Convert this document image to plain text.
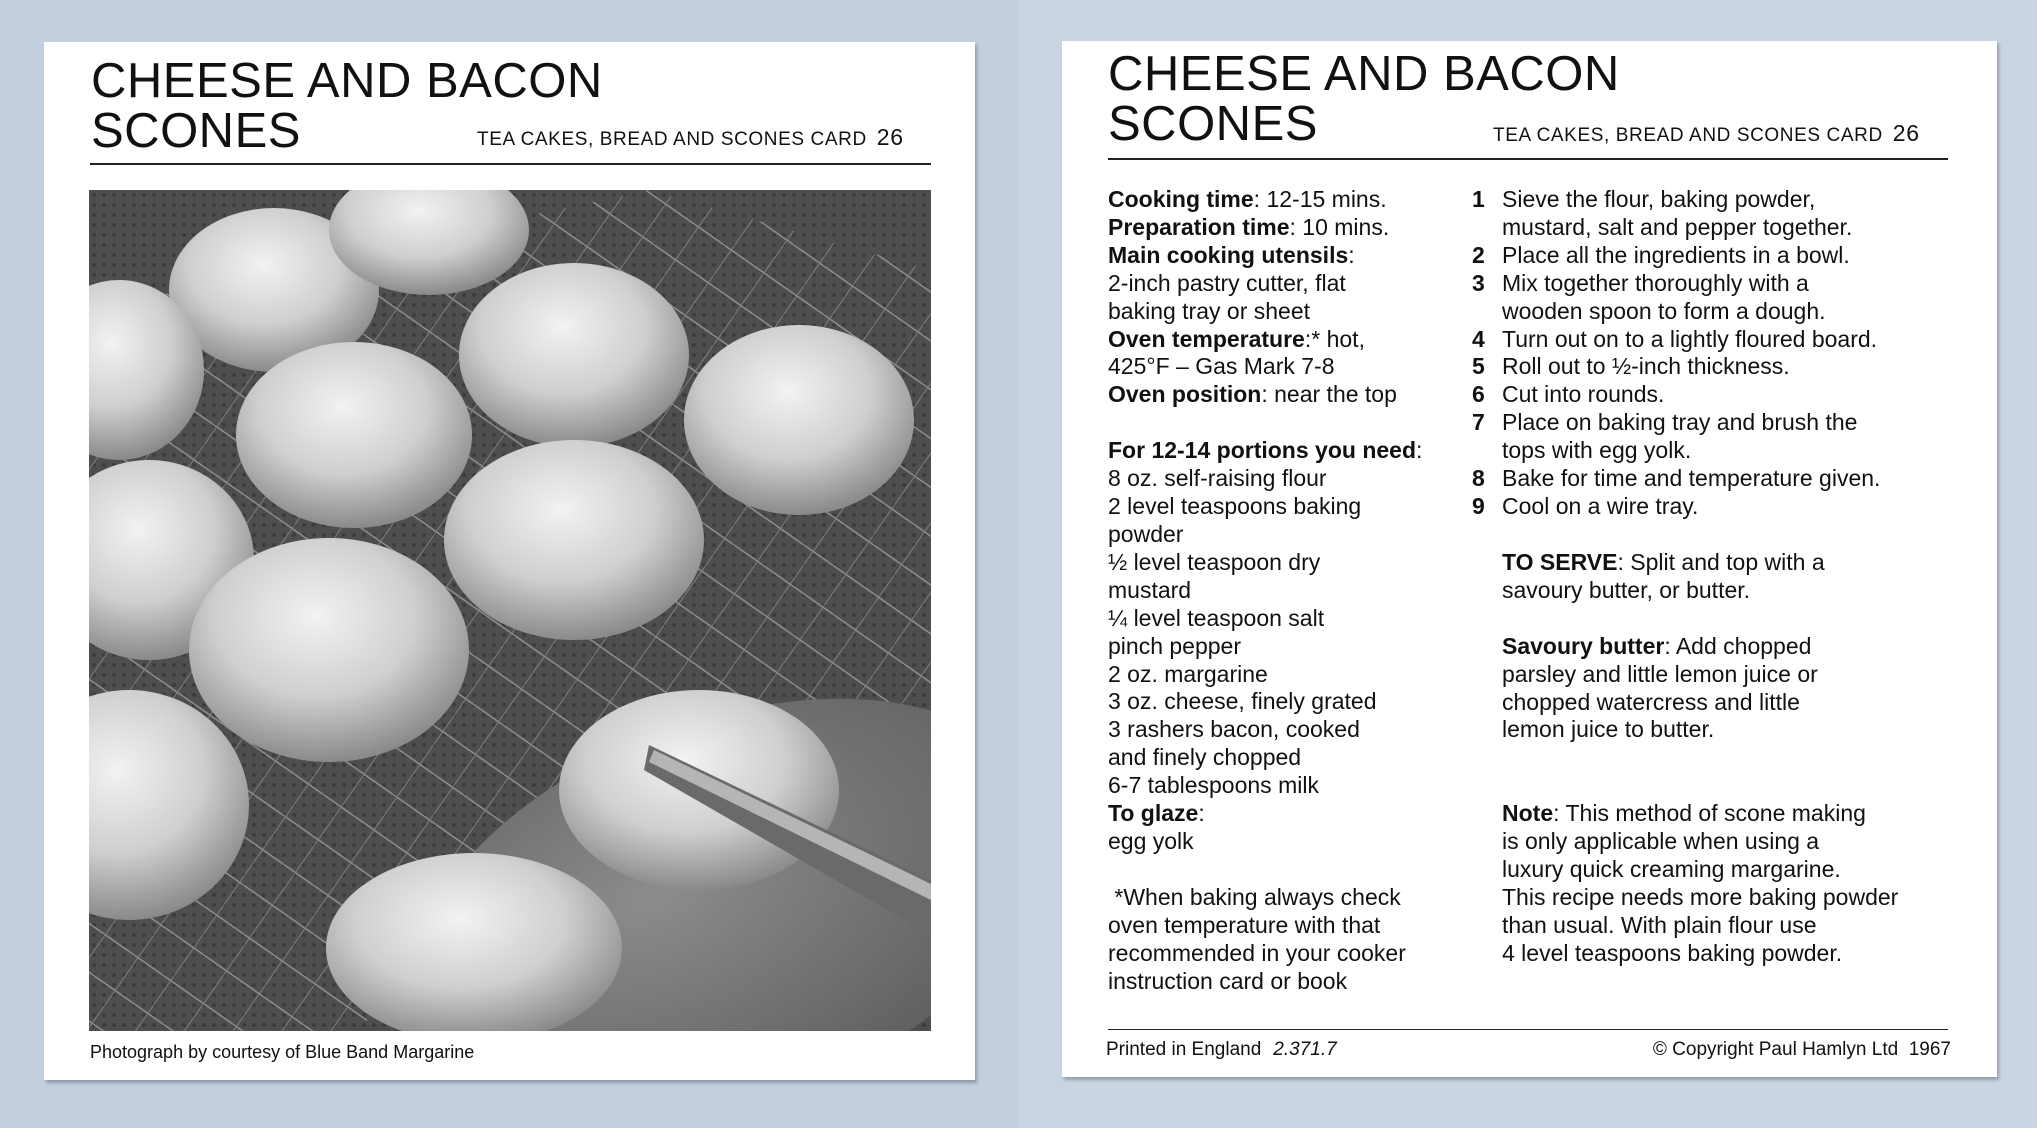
CHEESE AND BACON
SCONES	TEA CAKES, BREAD AND SCONES CARD 26
Photograph by courtesy of Blue Band Margarine
CHEESE AND BACON
SCONES	TEA CAKES, BREAD AND SCONES CARD 26

Cooking time: 12-15 mins.

Preparation time: 10 mins.

Main cooking utensils:

2-inch pastry cutter, flat

baking tray or sheet

Oven temperature:* hot,

425°F – Gas Mark 7-8

Oven position: near the top

For 12-14 portions you need:

8 oz. self-raising flour

2 level teaspoons baking

powder

½ level teaspoon dry

mustard

¼ level teaspoon salt

pinch pepper

2 oz. margarine

3 oz. cheese, finely grated

3 rashers bacon, cooked

and finely chopped

6-7 tablespoons milk

To glaze:

egg yolk

*When baking always check

oven temperature with that

recommended in your cooker

instruction card or book

1 Sieve the flour, baking powder,
mustard, salt and pepper together.
2 Place all the ingredients in a bowl.
3 Mix together thoroughly with a
wooden spoon to form a dough.
4 Turn out on to a lightly floured board.
5 Roll out to ½-inch thickness.
6 Cut into rounds.
7 Place on baking tray and brush the
tops with egg yolk.
8 Bake for time and temperature given.
9 Cool on a wire tray.

TO SERVE: Split and top with a

savoury butter, or butter.

Savoury butter: Add chopped

parsley and little lemon juice or

chopped watercress and little

lemon juice to butter.

Note: This method of scone making

is only applicable when using a

luxury quick creaming margarine.

This recipe needs more baking powder

than usual. With plain flour use

4 level teaspoons baking powder.

Printed in England 2.371.7	© Copyright Paul Hamlyn Ltd  1967
